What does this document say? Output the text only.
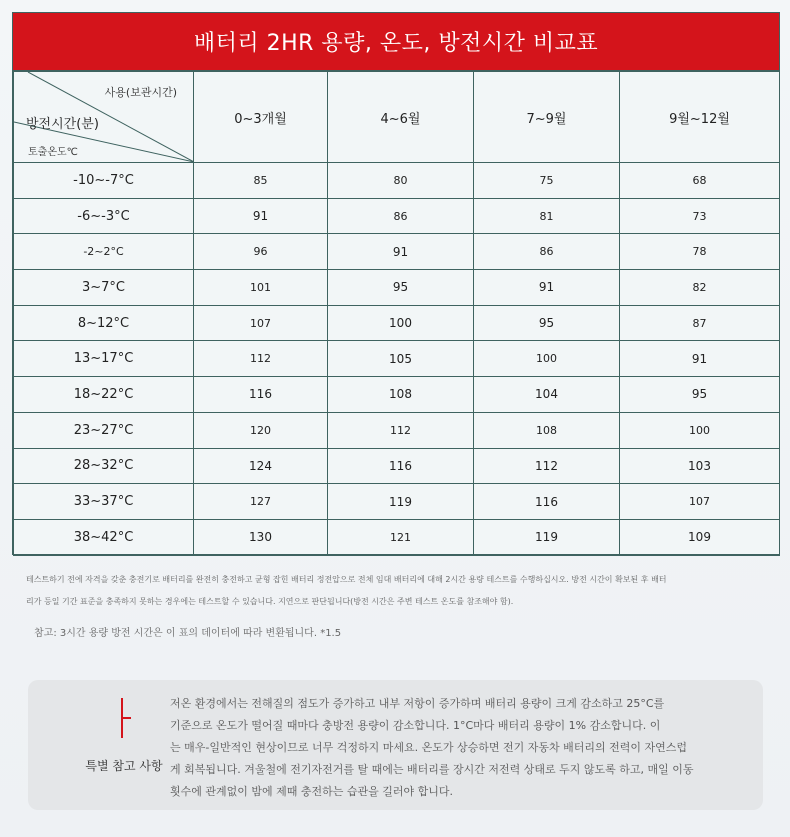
배터리 2HR 용량, 온도, 방전시간 비교표
사용(보관시간)
방전시간(분)
토출온도℃	0~3개월	4~6월	7~9월	9월~12월
-10~-7°C	85	80	75	68
-6~-3°C	91	86	81	73
-2~2°C	96	91	86	78
3~7°C	101	95	91	82
8~12°C	107	100	95	87
13~17°C	112	105	100	91
18~22°C	116	108	104	95
23~27°C	120	112	108	100
28~32°C	124	116	112	103
33~37°C	127	119	116	107
38~42°C	130	121	119	109
테스트하기 전에 자격을 갖춘 충전기로 배터리를 완전히 충전하고 균형 잡힌 배터리 정전압으로 전체 임대 배터리에 대해 2시간 용량 테스트를 수행하십시오. 방전 시간이 확보된 후 배터
리가 등일 기간 표준을 충족하지 못하는 경우에는 테스트할 수 있습니다. 지연으로 판단됩니다(방전 시간은 주변 테스트 온도를 참조해야 함).
참고: 3시간 용량 방전 시간은 이 표의 데이터에 따라 변환됩니다. *1.5
특별 참고 사항
저온 환경에서는 전해질의 점도가 증가하고 내부 저항이 증가하며 배터리 용량이 크게 감소하고 25°C를
기준으로 온도가 떨어질 때마다 충방전 용량이 감소합니다. 1°C마다 배터리 용량이 1% 감소합니다. 이
는 매우-일반적인 현상이므로 너무 걱정하지 마세요. 온도가 상승하면 전기 자동차 배터리의 전력이 자연스럽
게 회복됩니다. 겨울철에 전기자전거를 탈 때에는 배터리를 장시간 저전력 상태로 두지 않도록 하고, 매일 이동
횟수에 관계없이 밤에 제때 충전하는 습관을 길러야 합니다.
